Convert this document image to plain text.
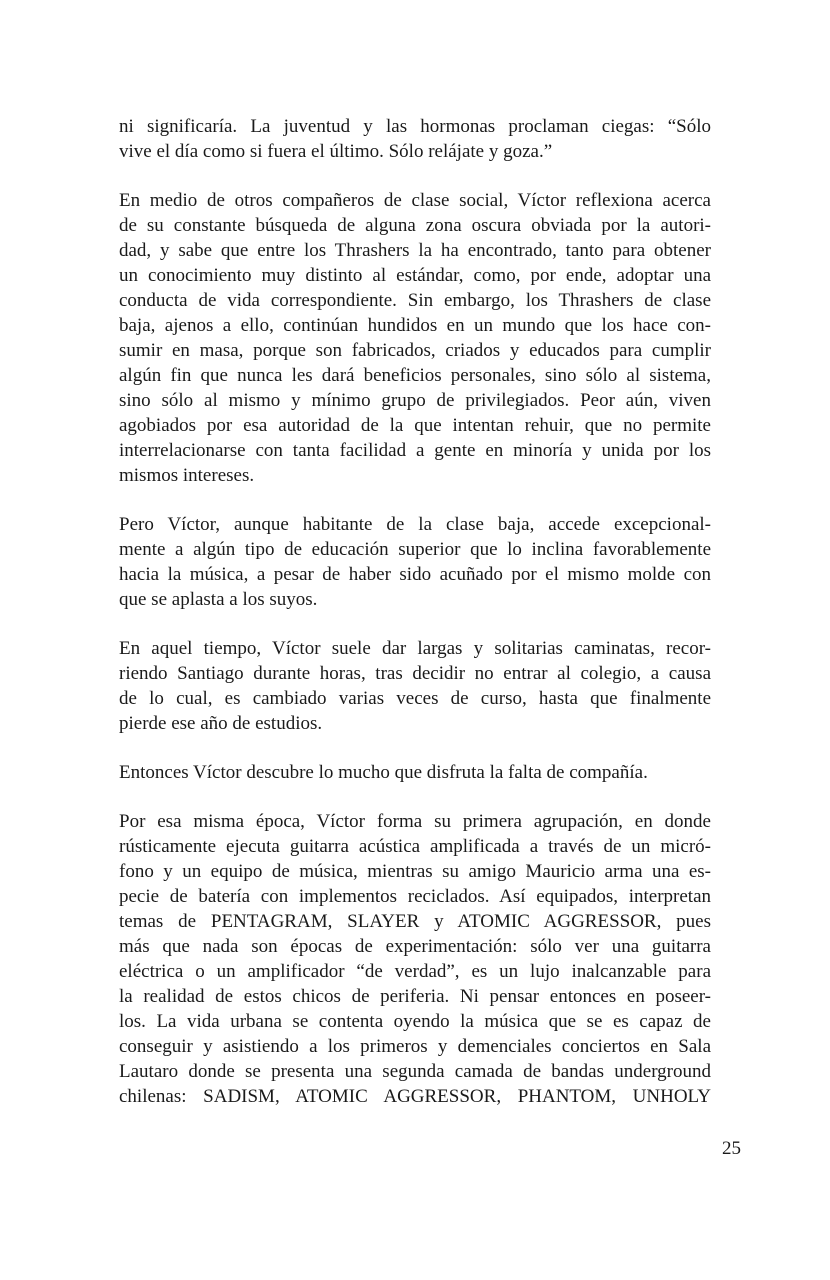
ni significaría. La juventud y las hormonas proclaman ciegas: “Sólo
vive el día como si fuera el último. Sólo relájate y goza.”
En medio de otros compañeros de clase social, Víctor reflexiona acerca
de su constante búsqueda de alguna zona oscura obviada por la autori-
dad, y sabe que entre los Thrashers la ha encontrado, tanto para obtener
un conocimiento muy distinto al estándar, como, por ende, adoptar una
conducta de vida correspondiente. Sin embargo, los Thrashers de clase
baja, ajenos a ello, continúan hundidos en un mundo que los hace con-
sumir en masa, porque son fabricados, criados y educados para cumplir
algún fin que nunca les dará beneficios personales, sino sólo al sistema,
sino sólo al mismo y mínimo grupo de privilegiados. Peor aún, viven
agobiados por esa autoridad de la que intentan rehuir, que no permite
interrelacionarse con tanta facilidad a gente en minoría y unida por los
mismos intereses.
Pero Víctor, aunque habitante de la clase baja, accede excepcional-
mente a algún tipo de educación superior que lo inclina favorablemente
hacia la música, a pesar de haber sido acuñado por el mismo molde con
que se aplasta a los suyos.
En aquel tiempo, Víctor suele dar largas y solitarias caminatas, recor-
riendo Santiago durante horas, tras decidir no entrar al colegio, a causa
de lo cual, es cambiado varias veces de curso, hasta que finalmente
pierde ese año de estudios.
Entonces Víctor descubre lo mucho que disfruta la falta de compañía.
Por esa misma época, Víctor forma su primera agrupación, en donde
rústicamente ejecuta guitarra acústica amplificada a través de un micró-
fono y un equipo de música, mientras su amigo Mauricio arma una es-
pecie de batería con implementos reciclados. Así equipados, interpretan
temas de PENTAGRAM, SLAYER y ATOMIC AGGRESSOR, pues
más que nada son épocas de experimentación: sólo ver una guitarra
eléctrica o un amplificador “de verdad”, es un lujo inalcanzable para
la realidad de estos chicos de periferia. Ni pensar entonces en poseer-
los. La vida urbana se contenta oyendo la música que se es capaz de
conseguir y asistiendo a los primeros y demenciales conciertos en Sala
Lautaro donde se presenta una segunda camada de bandas underground
chilenas: SADISM, ATOMIC AGGRESSOR, PHANTOM, UNHOLY
25
